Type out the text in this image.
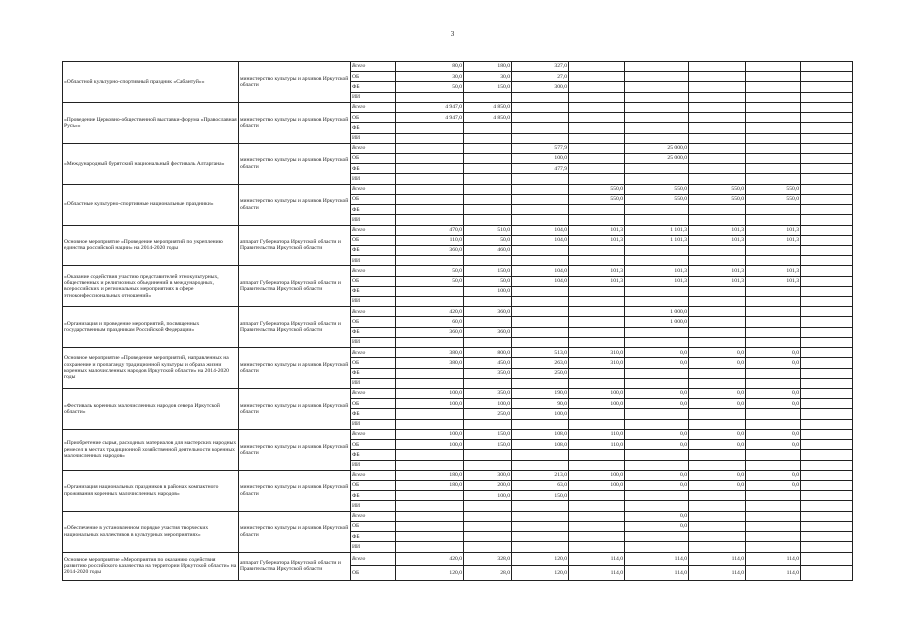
3
«Областной культурно-спортивный праздник «Сабантуй»»	министерство культуры и архивов Иркутской области	Всего	80,0	180,0	327,0					
		ОБ	30,0	30,0	27,0					
		ФБ	50,0	150,0	300,0					
		ИИ								
«Проведение Церковно-общественной выставки-форума «Православная Русь»»	министерство культуры и архивов Иркутской области	Всего	4 947,0	4 850,0						
		ОБ	4 947,0	4 850,0						
		ФБ								
		ИИ								
«Международный бурятский национальный фестиваль Алтаргана»	министерство культуры и архивов Иркутской области	Всего			577,9		25 000,0			
		ОБ			100,0		25 000,0			
		ФБ			477,9					
		ИИ								
«Областные культурно-спортивные национальные праздники»	министерство культуры и архивов Иркутской области	Всего				550,0	550,0	550,0	550,0	
		ОБ				550,0	550,0	550,0	550,0	
		ФБ								
		ИИ								
Основное мероприятие «Проведение мероприятий по укреплению единства российской нации» на 2014-2020 годы	аппарат Губернатора Иркутской области и Правительства Иркутской области	Всего	470,0	510,0	104,0	101,3	1 101,3	101,3	101,3	
		ОБ	110,0	50,0	104,0	101,3	1 101,3	101,3	101,3	
		ФБ	360,0	460,0						
		ИИ								
«Оказание содействия участию представителей этнокультурных, общественных и религиозных объединений в международных, всероссийских и региональных мероприятиях в сфере этноконфессиональных отношений»	аппарат Губернатора Иркутской области и Правительства Иркутской области	Всего	50,0	150,0	104,0	101,3	101,3	101,3	101,3	
		ОБ	50,0	50,0	104,0	101,3	101,3	101,3	101,3	
		ФБ		100,0						
		ИИ								
«Организация и проведение мероприятий, посвященных государственным праздникам Российской Федерации»	аппарат Губернатора Иркутской области и Правительства Иркутской области	Всего	420,0	360,0			1 000,0			
		ОБ	60,0				1 000,0			
		ФБ	360,0	360,0						
		ИИ								
Основное мероприятие «Проведение мероприятий, направленных на сохранение и пропаганду традиционной культуры и образа жизни коренных малочисленных народов Иркутской области» на 2014-2020 годы	министерство культуры и архивов Иркутской области	Всего	380,0	800,0	513,0	310,0	0,0	0,0	0,0	
		ОБ	380,0	450,0	263,0	310,0	0,0	0,0	0,0	
		ФБ		350,0	250,0					
		ИИ								
«Фестиваль коренных малочисленных народов севера Иркутской области»	министерство культуры и архивов Иркутской области	Всего	100,0	350,0	190,0	100,0	0,0	0,0	0,0	
		ОБ	100,0	100,0	90,0	100,0	0,0	0,0	0,0	
		ФБ		250,0	100,0					
		ИИ								
«Приобретение сырья, расходных материалов для мастерских народных ремесел в местах традиционной хозяйственной деятельности коренных малочисленных народов»	министерство культуры и архивов Иркутской области	Всего	100,0	150,0	108,0	110,0	0,0	0,0	0,0	
		ОБ	100,0	150,0	108,0	110,0	0,0	0,0	0,0	
		ФБ								
		ИИ								
«Организация национальных праздников в районах компактного проживания коренных малочисленных народов»	министерство культуры и архивов Иркутской области	Всего	180,0	300,0	213,0	100,0	0,0	0,0	0,0	
		ОБ	180,0	200,0	63,0	100,0	0,0	0,0	0,0	
		ФБ		100,0	150,0					
		ИИ								
«Обеспечение в установленном порядке участия творческих национальных коллективов в культурных мероприятиях»	министерство культуры и архивов Иркутской области	Всего					0,0			
		ОБ					0,0			
		ФБ								
		ИИ								
Основное мероприятие «Мероприятия по оказанию содействия развитию российского казачества на территории Иркутской области» на 2014-2020 годы	аппарат Губернатора Иркутской области и Правительства Иркутской области	Всего	420,0	328,0	120,0	114,0	114,0	114,0	114,0	
		ОБ	120,0	28,0	120,0	114,0	114,0	114,0	114,0	
